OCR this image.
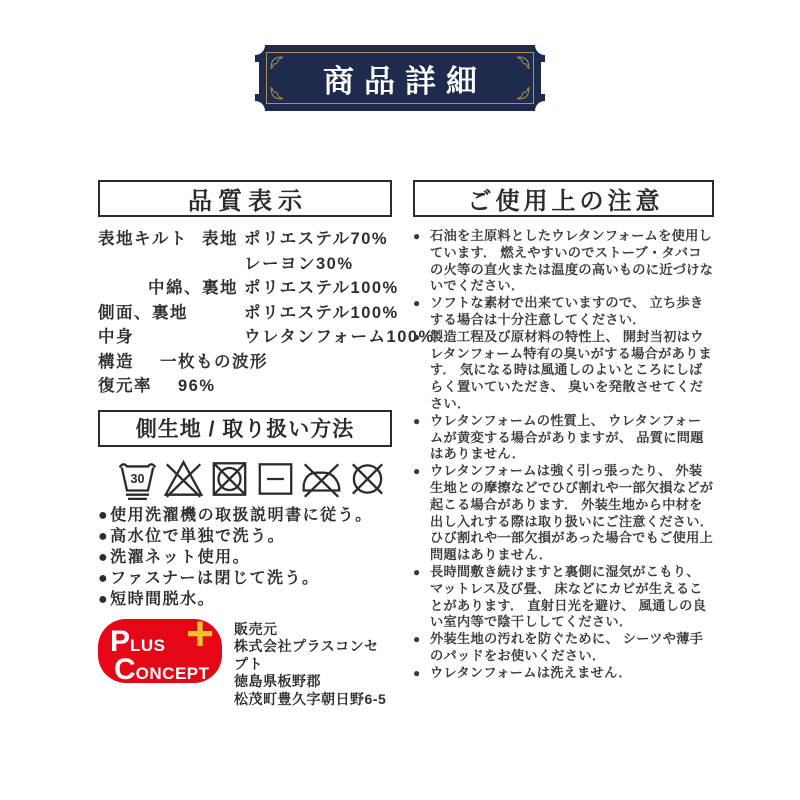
商品詳細
品質表示
表地キルト 表地 ポリエステル70%
レーヨン30%
中綿、裏地 ポリエステル100%
側面、裏地	ポリエステル100%
中身	ウレタンフォーム100%
構造 一枚もの波形
復元率 96%
側生地 / 取り扱い方法
30
● 使用洗濯機の取扱説明書に従う。
● 高水位で単独で洗う。
● 洗濯ネット使用。
● ファスナーは閉じて洗う。
● 短時間脱水。
P LUS
C ONCEPT
+ 販売元
株式会社プラスコンセプト
徳島県板野郡
松茂町豊久字朝日野6-5
ご使用上の注意
● 石油を主原料としたウレタンフォームを使用しています． 燃えやすいのでストーブ・タバコの火等の直火または温度の高いものに近づけないでください．
● ソフトな素材で出来ていますので、 立ち歩きする場合は十分注意してください．
● 製造工程及び原材料の特性上、 開封当初はウレタンフォーム特有の臭いがする場合があります． 気になる時は風通しのよいところにしばらく置いていただき、 臭いを発散させてください．
● ウレタンフォームの性質上、 ウレタンフォームが黄変する場合がありますが、 品質に問題はありません．
● ウレタンフォームは強く引っ張ったり、 外装生地との摩擦などでひび割れや一部欠損などが起こる場合があります． 外装生地から中材を出し入れする際は取り扱いにご注意ください． ひび割れや一部欠損があった場合でもご使用上問題はありません．
● 長時間敷き続けますと裏側に湿気がこもり、 マットレス及び畳、 床などにカビが生えることがあります． 直射日光を避け、 風通しの良い室内等で陰干ししてください．
● 外装生地の汚れを防ぐために、 シーツや薄手のパッドをお使いください．
● ウレタンフォームは洗えません．
